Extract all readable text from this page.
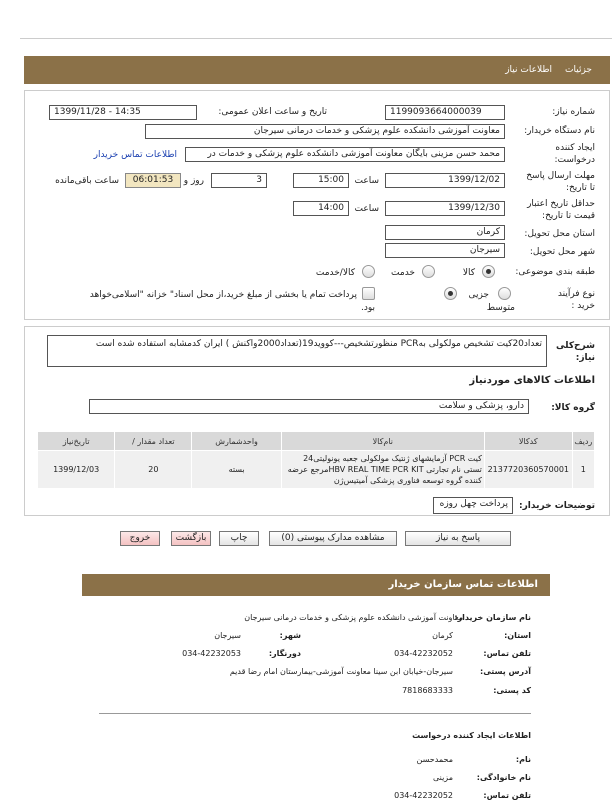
جزئیات
اطلاعات نیاز
شماره نیاز:
1199093664000039
تاریخ و ساعت اعلان عمومی:
1399/11/28 - 14:35
نام دستگاه خریدار:
معاونت آموزشی دانشکده علوم پزشکی و خدمات درمانی سیرجان
ایجاد کننده
درخواست:
محمد حسن مزینی بایگان معاونت آموزشی دانشکده علوم پزشکی و خدمات در
اطلاعات تماس خریدار
مهلت ارسال پاسخ
تا تاریخ:
1399/12/02
ساعت
15:00
3
روز و
06:01:53
ساعت باقی‌مانده
حداقل تاریخ اعتبار
قیمت تا تاریخ:
1399/12/30
ساعت
14:00
استان محل تحویل:
کرمان
شهر محل تحویل:
سیرجان
طبقه بندی موضوعی:
کالا
خدمت
کالا/خدمت
نوع فرآیند
خرید :
متوسط
جزیی
پرداخت تمام یا بخشی از مبلغ خرید،از محل اسناد" خزانه "اسلامی‌خواهد
بود.
شرح‌کلی
نیاز:
تعداد20کیت تشخیص مولکولی بهPCR منظورتشخیص---کووید19(تعداد2000واکنش ) ایران کدمشابه استفاده شده است
اطلاعات کالاهای موردنیاز
گروه کالا:
دارو، پزشکی و سلامت
ردیف	کدکالا	نام‌کالا	واحدشمارش	تعداد مقدار /	تاریخ‌نیاز
1	2137720360570001	کیت PCR آزمایشهای ژنتیک مولکولی جعبه یونولیتی24 تستی نام تجارتی HBV REAL TIME PCR KITمرجع عرضه کننده گروه توسعه فناوری پزشکی آمیتیس‌ژن	بسته	20	1399/12/03
توضیحات خریدار:
پرداخت چهل روزه
پاسخ به نیاز
مشاهده مدارک پیوستی (0)
چاپ
بازگشت
خروج
اطلاعات تماس سازمان خریدار
نام سازمان خریدار:
معاونت آموزشی دانشکده علوم پزشکی و خدمات درمانی سیرجان
استان:
کرمان
شهر:
سیرجان
تلفن تماس:
034-42232052
دورنگار:
034-42232053
آدرس پستی:
سیرجان-خیابان ابن سینا معاونت آموزشی-بیمارستان امام رضا قدیم
کد پستی:
7818683333
اطلاعات ایجاد کننده درخواست
نام:
محمدحسن
نام خانوادگی:
مزینی
تلفن تماس:
034-42232052
